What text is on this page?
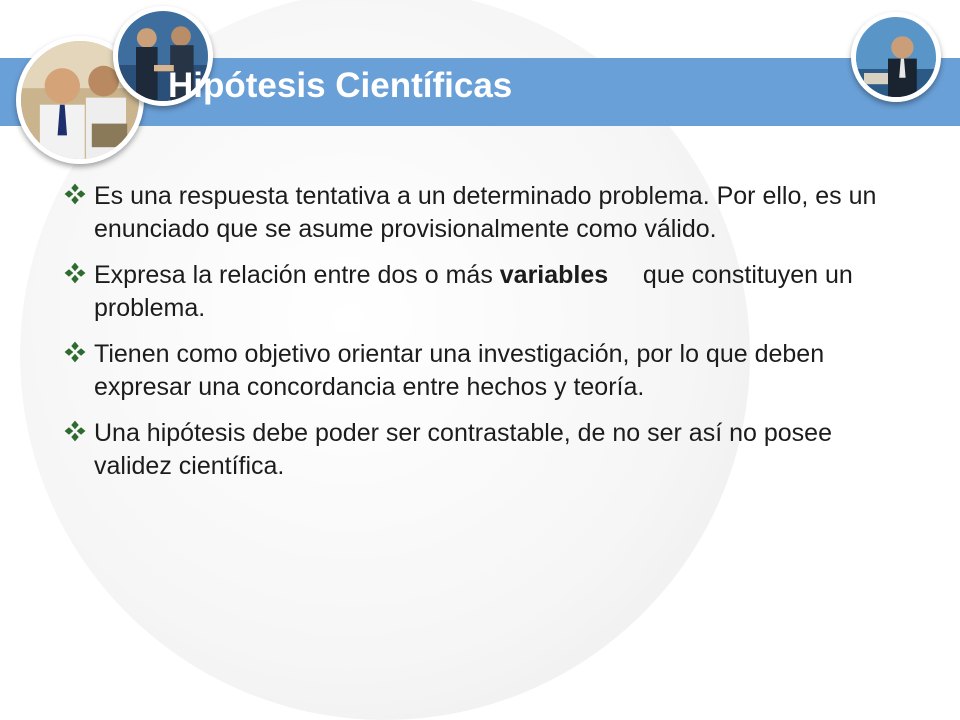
Hipótesis Científicas
Es una respuesta tentativa a un determinado problema. Por ello, es un enunciado que se asume provisionalmente como válido.
Expresa la relación entre dos o más variables     que constituyen un problema.
Tienen como objetivo orientar una investigación, por lo que deben expresar una concordancia entre hechos y teoría.
Una hipótesis debe poder ser contrastable, de no ser así no posee validez científica.
